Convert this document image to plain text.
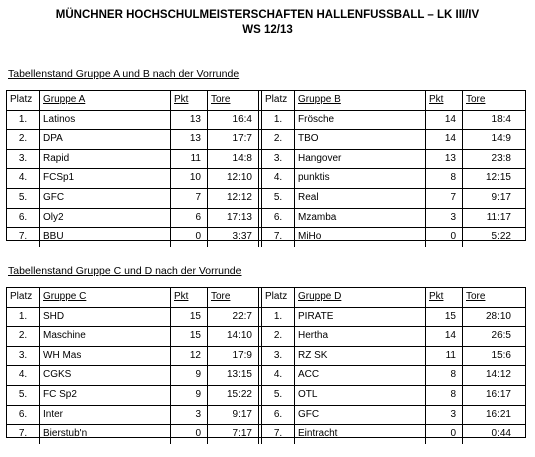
MÜNCHNER HOCHSCHULMEISTERSCHAFTEN HALLENFUSSBALL – LK III/IV
WS 12/13
Tabellenstand Gruppe A und B nach der Vorrunde
Platz	Gruppe A	Pkt	Tore	Platz	Gruppe B	Pkt	Tore
1.	Latinos	13	16:4	1.	Frösche	14	18:4
2.	DPA	13	17:7	2.	TBO	14	14:9
3.	Rapid	11	14:8	3.	Hangover	13	23:8
4.	FCSp1	10	12:10	4.	punktis	8	12:15
5.	GFC	7	12:12	5.	Real	7	9:17
6.	Oly2	6	17:13	6.	Mzamba	3	11:17
7.	BBU	0	3:37	7.	MiHo	0	5:22
Tabellenstand Gruppe C und D nach der Vorrunde
Platz	Gruppe C	Pkt	Tore	Platz	Gruppe D	Pkt	Tore
1.	SHD	15	22:7	1.	PIRATE	15	28:10
2.	Maschine	15	14:10	2.	Hertha	14	26:5
3.	WH Mas	12	17:9	3.	RZ SK	11	15:6
4.	CGKS	9	13:15	4.	ACC	8	14:12
5.	FC Sp2	9	15:22	5.	OTL	8	16:17
6.	Inter	3	9:17	6.	GFC	3	16:21
7.	Bierstub'n	0	7:17	7.	Eintracht	0	0:44
